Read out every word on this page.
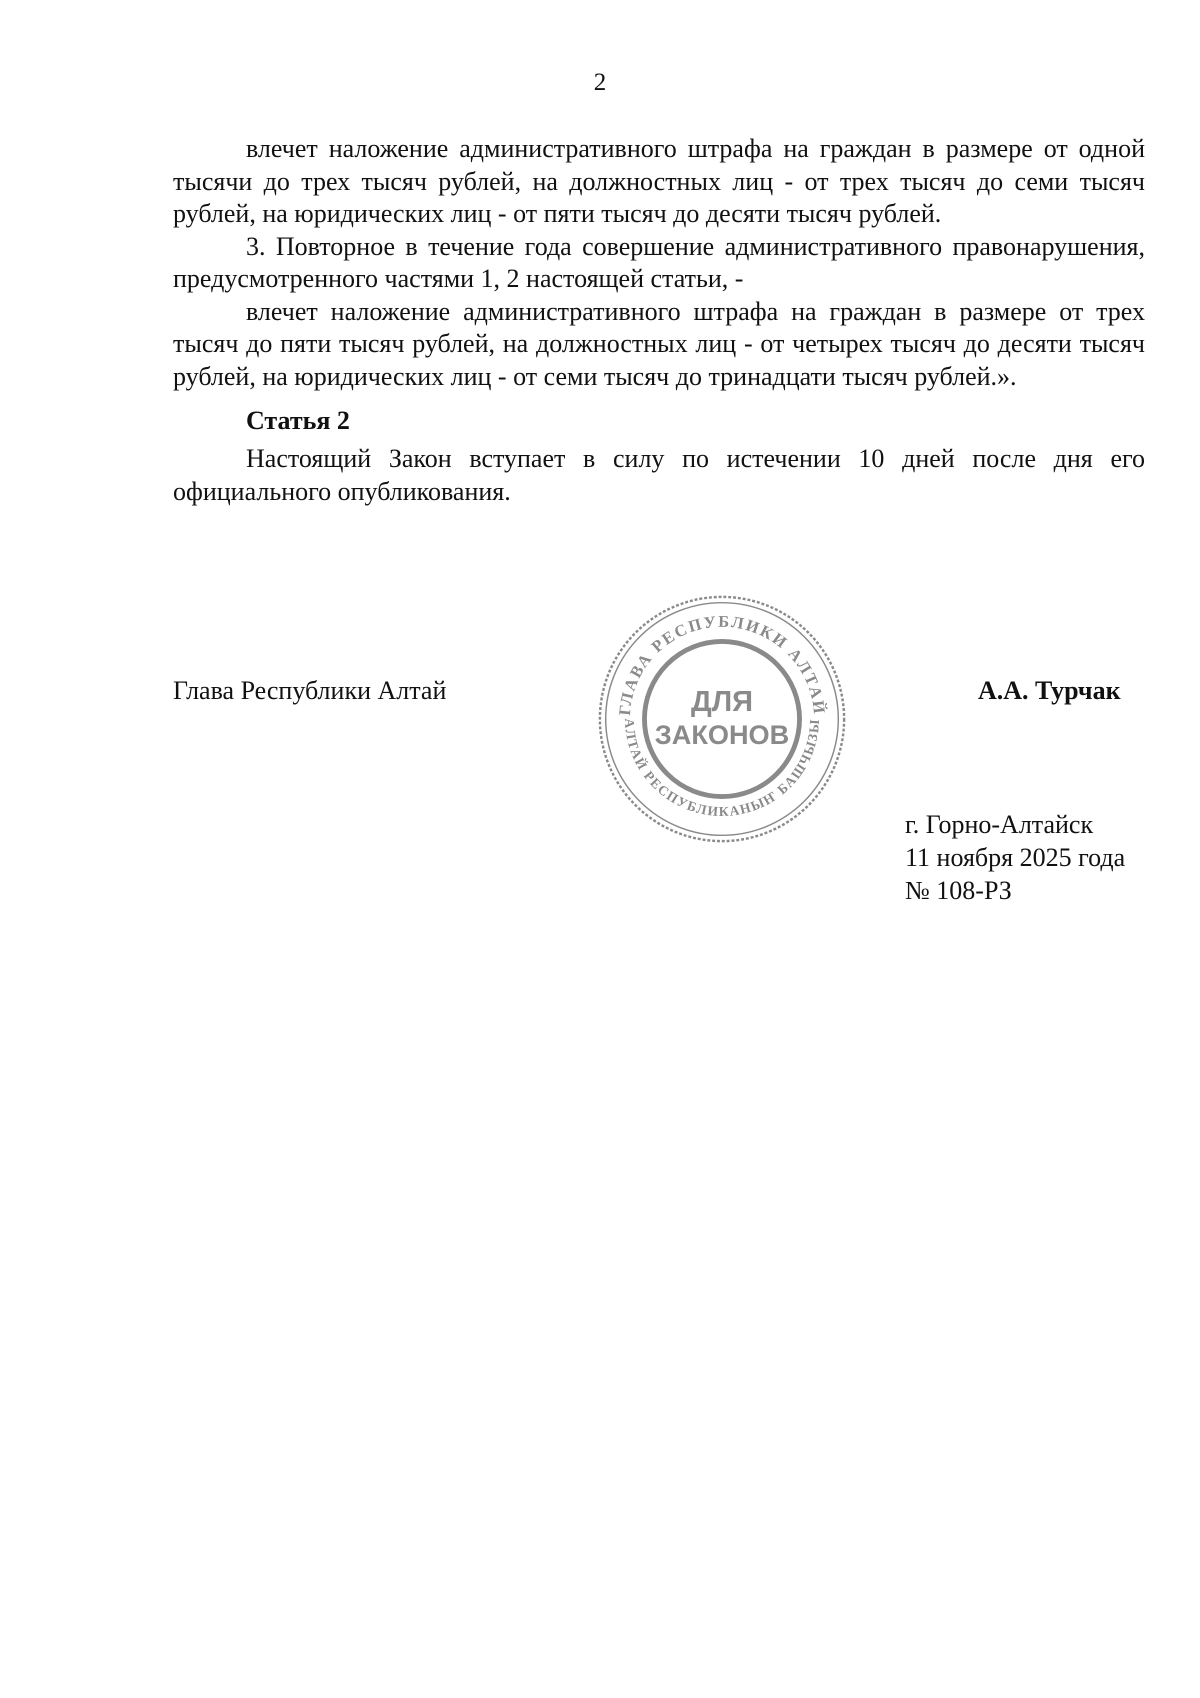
2

влечет наложение административного штрафа на граждан в размере от одной тысячи до трех тысяч рублей, на должностных лиц - от трех тысяч до семи тысяч рублей, на юридических лиц - от пяти тысяч до десяти тысяч рублей.

3. Повторное в течение года совершение административного правонарушения, предусмотренного частями 1, 2 настоящей статьи, -

влечет наложение административного штрафа на граждан в размере от трех тысяч до пяти тысяч рублей, на должностных лиц - от четырех тысяч до десяти тысяч рублей, на юридических лиц - от семи тысяч до тринадцати тысяч рублей.».

Статья 2

Настоящий Закон вступает в силу по истечении 10 дней после дня его официального опубликования.

Глава Республики Алтай	А.А. Турчак
ГЛАВА РЕСПУБЛИКИ АЛТАЙ
АЛТАЙ РЕСПУБЛИКАНЫҤ БАШЧЫЗЫ
ДЛЯ
ЗАКОНОВ
г. Горно-Алтайск
11 ноября 2025 года
№ 108-РЗ
